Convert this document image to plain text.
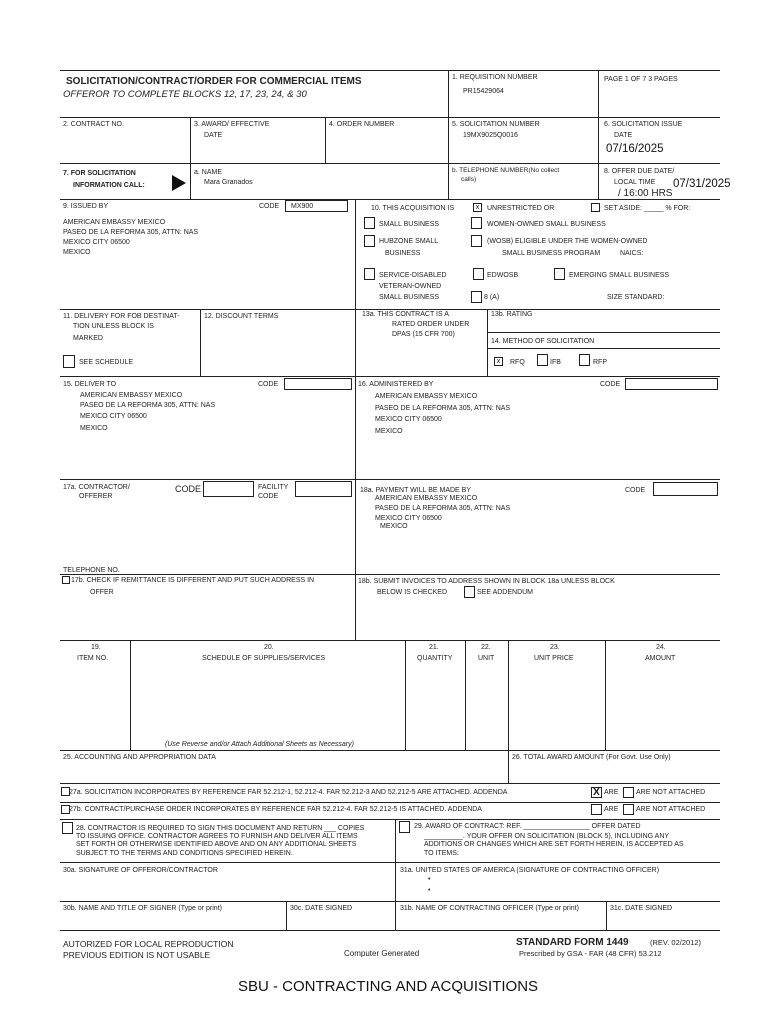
SOLICITATION/CONTRACT/ORDER FOR COMMERCIAL ITEMS
OFFEROR TO COMPLETE BLOCKS 12, 17, 23, 24, & 30
1. REQUISITION NUMBER
PR15429064
PAGE 1 OF 7 3 PAGES
2. CONTRACT NO.	3. AWARD/ EFFECTIVE
DATE
4. ORDER NUMBER	5. SOLICITATION NUMBER
19MX9025Q0016
6. SOLICITATION ISSUE
DATE
07/16/2025
7. FOR SOLICITATION
INFORMATION CALL:
a. NAME
Mara Granados
b. TELEPHONE NUMBER(No collect
calls)
8. OFFER DUE DATE/
LOCAL TIME 07/31/2025
/ 16:00 HRS
9. ISSUED BY	CODE MX900
AMERICAN EMBASSY MEXICO
PASEO DE LA REFORMA 305, ATTN: NAS
MEXICO CITY 06500
MEXICO
10. THIS ACQUISITION IS	x	UNRESTRICTED OR	SET ASIDE: _____ % FOR:
SMALL BUSINESS	WOMEN-OWNED SMALL BUSINESS
HUBZONE SMALL
BUSINESS
(WOSB) ELIGIBLE UNDER THE WOMEN-OWNED
SMALL BUSINESS PROGRAM	NAICS:
SERVICE-DISABLED
VETERAN-OWNED
SMALL BUSINESS
EDWOSB	EMERGING SMALL BUSINESS
8 (A)	SIZE STANDARD:
11. DELIVERY FOR FOB DESTINAT-
TION UNLESS BLOCK IS
MARKED
SEE SCHEDULE
12. DISCOUNT TERMS	13a. THIS CONTRACT IS A
RATED ORDER UNDER
DPAS (15 CFR 700)
13b. RATING
14. METHOD OF SOLICITATION
x	RFQ	IFB	RFP
15. DELIVER TO	CODE
AMERICAN EMBASSY MEXICO
PASEO DE LA REFORMA 305, ATTN: NAS
MEXICO CITY 06500
MEXICO
16. ADMINISTERED BY	CODE
AMERICAN EMBASSY MEXICO
PASEO DE LA REFORMA 305, ATTN: NAS
MEXICO CITY 06500
MEXICO
17a. CONTRACTOR/
OFFERER
CODE	FACILITY
CODE
TELEPHONE NO.
17b. CHECK IF REMITTANCE IS DIFFERENT AND PUT SUCH ADDRESS IN
OFFER
18a. PAYMENT WILL BE MADE BY	CODE
AMERICAN EMBASSY MEXICO
PASEO DE LA REFORMA 305, ATTN: NAS
MEXICO CITY 06500
MEXICO
18b. SUBMIT INVOICES TO ADDRESS SHOWN IN BLOCK 18a UNLESS BLOCK
BELOW IS CHECKED	SEE ADDENDUM
19.
ITEM NO.
20.
SCHEDULE OF SUPPLIES/SERVICES
21.
QUANTITY
22.
UNIT
23.
UNIT PRICE
24.
AMOUNT
(Use Reverse and/or Attach Additional Sheets as Necessary)
25. ACCOUNTING AND APPROPRIATION DATA	26. TOTAL AWARD AMOUNT (For Govt. Use Only)
27a. SOLICITATION INCORPORATES BY REFERENCE FAR 52.212-1, 52.212-4. FAR 52.212-3 AND 52.212-5 ARE ATTACHED. ADDENDA	X ARE	ARE NOT ATTACHED
27b. CONTRACT/PURCHASE ORDER INCORPORATES BY REFERENCE FAR 52.212-4. FAR 52.212-5 IS ATTACHED. ADDENDA	ARE	ARE NOT ATTACHED
28. CONTRACTOR IS REQUIRED TO SIGN THIS DOCUMENT AND RETURN ___ COPIES
TO ISSUING OFFICE. CONTRACTOR AGREES TO FURNISH AND DELIVER ALL ITEMS
SET FORTH OR OTHERWISE IDENTIFIED ABOVE AND ON ANY ADDITIONAL SHEETS
SUBJECT TO THE TERMS AND CONDITIONS SPECIFIED HEREIN.
29. AWARD OF CONTRACT: REF. _________________ OFFER DATED
__________. YOUR OFFER ON SOLICITATION (BLOCK 5), INCLUDING ANY
ADDITIONS OR CHANGES WHICH ARE SET FORTH HEREIN, IS ACCEPTED AS
TO ITEMS:
30a. SIGNATURE OF OFFEROR/CONTRACTOR	31a. UNITED STATES OF AMERICA (SIGNATURE OF CONTRACTING OFFICER)
•
•
30b. NAME AND TITLE OF SIGNER (Type or print)	30c. DATE SIGNED	31b. NAME OF CONTRACTING OFFICER (Type or print)	31c. DATE SIGNED
AUTORIZED FOR LOCAL REPRODUCTION
PREVIOUS EDITION IS NOT USABLE	Computer Generated
STANDARD FORM 1449	(REV. 02/2012)
Prescribed by GSA - FAR (48 CFR) 53.212
SBU - CONTRACTING AND ACQUISITIONS
